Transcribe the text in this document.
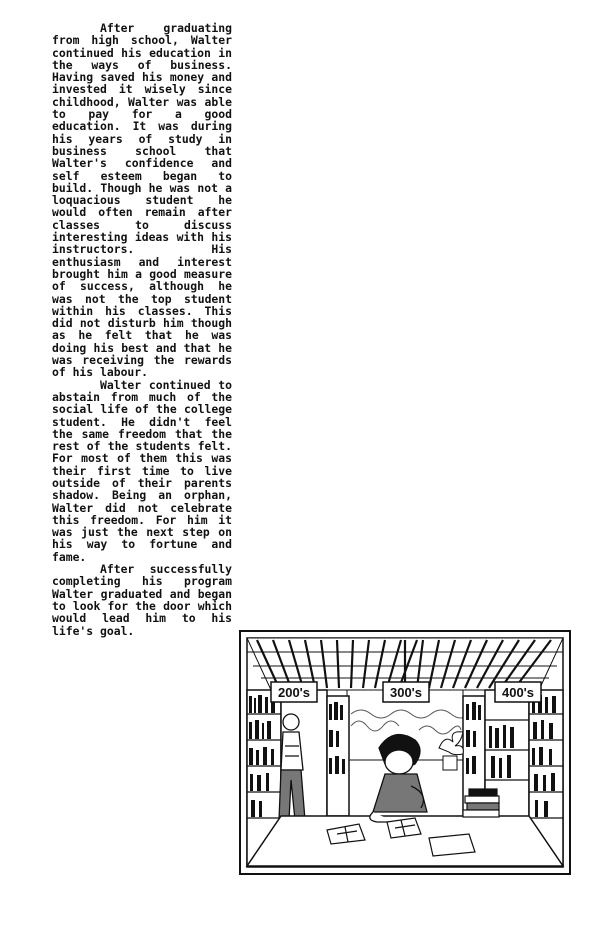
After graduating from high school, Walter continued his education in the ways of business. Having saved his money and invested it wisely since childhood, Walter was able to pay for a good education. It was during his years of study in business school that Walter's confidence and self esteem began to build. Though he was not a loquacious student he would often remain after classes to discuss interesting ideas with his instructors. His enthusiasm and interest brought him a good measure of success, although he was not the top student within his classes. This did not disturb him though as he felt that he was doing his best and that he was receiving the rewards of his labour.

Walter continued to abstain from much of the social life of the college student. He didn't feel the same freedom that the rest of the students felt. For most of them this was their first time to live outside of their parents shadow. Being an orphan, Walter did not celebrate this freedom. For him it was just the next step on his way to fortune and fame.

After successfully completing his program Walter graduated and began to look for the door which would lead him to his life's goal.

200's	300's	400's
